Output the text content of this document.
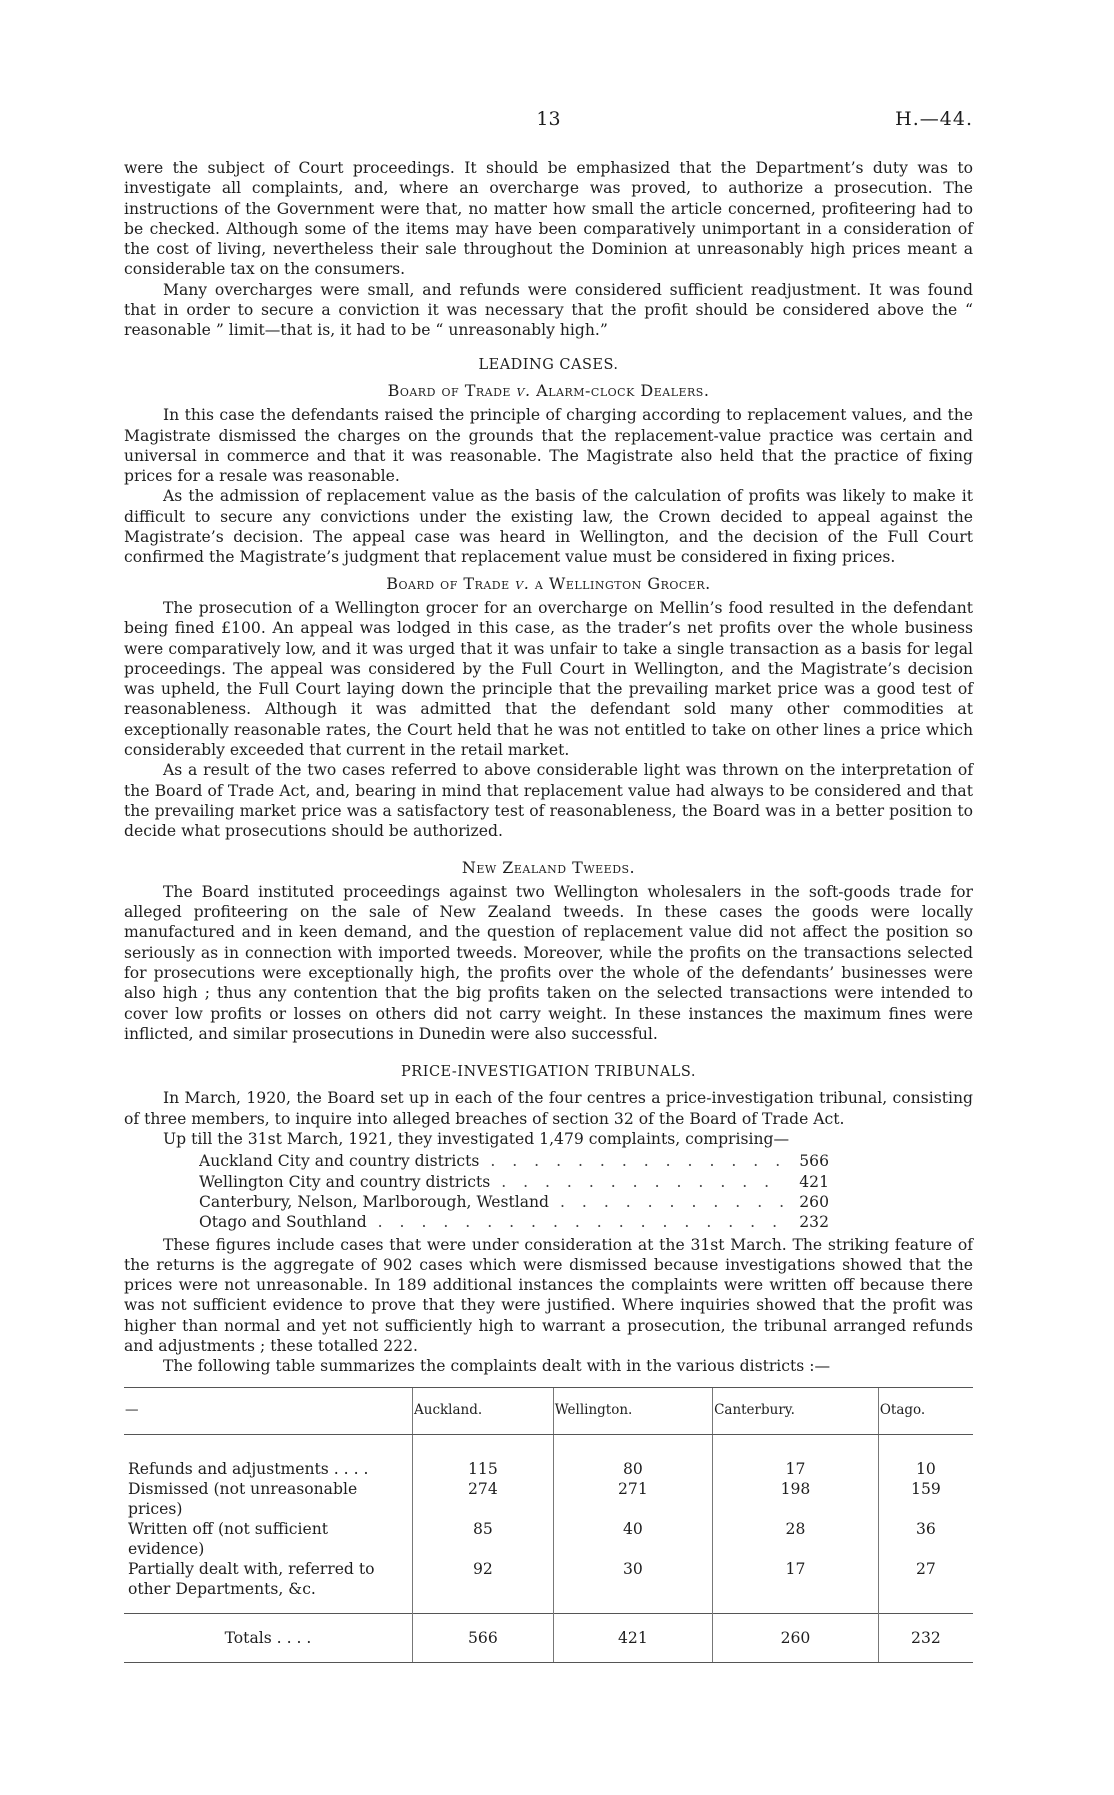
13	H.—44.

were the subject of Court proceedings. It should be emphasized that the Department’s duty was to investigate all complaints, and, where an overcharge was proved, to authorize a prosecution. The instructions of the Government were that, no matter how small the article concerned, profiteering had to be checked. Although some of the items may have been comparatively unimportant in a consideration of the cost of living, nevertheless their sale throughout the Dominion at unreasonably high prices meant a considerable tax on the consumers.

Many overcharges were small, and refunds were considered sufficient readjustment. It was found that in order to secure a conviction it was necessary that the profit should be considered above the “ reasonable ” limit—that is, it had to be “ unreasonably high.”

LEADING CASES.
Board of Trade v. Alarm-clock Dealers.

In this case the defendants raised the principle of charging according to replacement values, and the Magistrate dismissed the charges on the grounds that the replacement-value practice was certain and universal in commerce and that it was reasonable. The Magistrate also held that the practice of fixing prices for a resale was reasonable.

As the admission of replacement value as the basis of the calculation of profits was likely to make it difficult to secure any convictions under the existing law, the Crown decided to appeal against the Magistrate’s decision. The appeal case was heard in Wellington, and the decision of the Full Court confirmed the Magistrate’s judgment that replacement value must be considered in fixing prices.

Board of Trade v. a Wellington Grocer.

The prosecution of a Wellington grocer for an overcharge on Mellin’s food resulted in the defendant being fined £100. An appeal was lodged in this case, as the trader’s net profits over the whole business were comparatively low, and it was urged that it was unfair to take a single transaction as a basis for legal proceedings. The appeal was considered by the Full Court in Wellington, and the Magistrate’s decision was upheld, the Full Court laying down the principle that the prevailing market price was a good test of reasonableness. Although it was admitted that the defendant sold many other commodities at exceptionally reasonable rates, the Court held that he was not entitled to take on other lines a price which considerably exceeded that current in the retail market.

As a result of the two cases referred to above considerable light was thrown on the interpretation of the Board of Trade Act, and, bearing in mind that replacement value had always to be considered and that the prevailing market price was a satisfactory test of reasonableness, the Board was in a better position to decide what prosecutions should be authorized.

New Zealand Tweeds.

The Board instituted proceedings against two Wellington wholesalers in the soft-goods trade for alleged profiteering on the sale of New Zealand tweeds. In these cases the goods were locally manufactured and in keen demand, and the question of replacement value did not affect the position so seriously as in connection with imported tweeds. Moreover, while the profits on the transactions selected for prosecutions were exceptionally high, the profits over the whole of the defendants’ businesses were also high ; thus any contention that the big profits taken on the selected transactions were intended to cover low profits or losses on others did not carry weight. In these instances the maximum fines were inflicted, and similar prosecutions in Dunedin were also successful.

PRICE-INVESTIGATION TRIBUNALS.

In March, 1920, the Board set up in each of the four centres a price-investigation tribunal, consisting of three members, to inquire into alleged breaches of section 32 of the Board of Trade Act.

Up till the 31st March, 1921, they investigated 1,479 complaints, comprising—

Auckland City and country districts . . .	566
Wellington City and country districts . . .	421
Canterbury, Nelson, Marlborough, Westland . . .	260
Otago and Southland . . .	232

These figures include cases that were under consideration at the 31st March. The striking feature of the returns is the aggregate of 902 cases which were dismissed because investigations showed that the prices were not unreasonable. In 189 additional instances the complaints were written off because there was not sufficient evidence to prove that they were justified. Where inquiries showed that the profit was higher than normal and yet not sufficiently high to warrant a prosecution, the tribunal arranged refunds and adjustments ; these totalled 222.

The following table summarizes the complaints dealt with in the various districts :—

—	Auckland.	Wellington.	Canterbury.	Otago.
Refunds and adjustments . . . .	115	80	17	10
Dismissed (not unreasonable prices)	274	271	198	159
Written off (not sufficient evidence)	85	40	28	36
Partially dealt with, referred to other Departments, &c.	92	30	17	27
Totals . . . .	566	421	260	232
